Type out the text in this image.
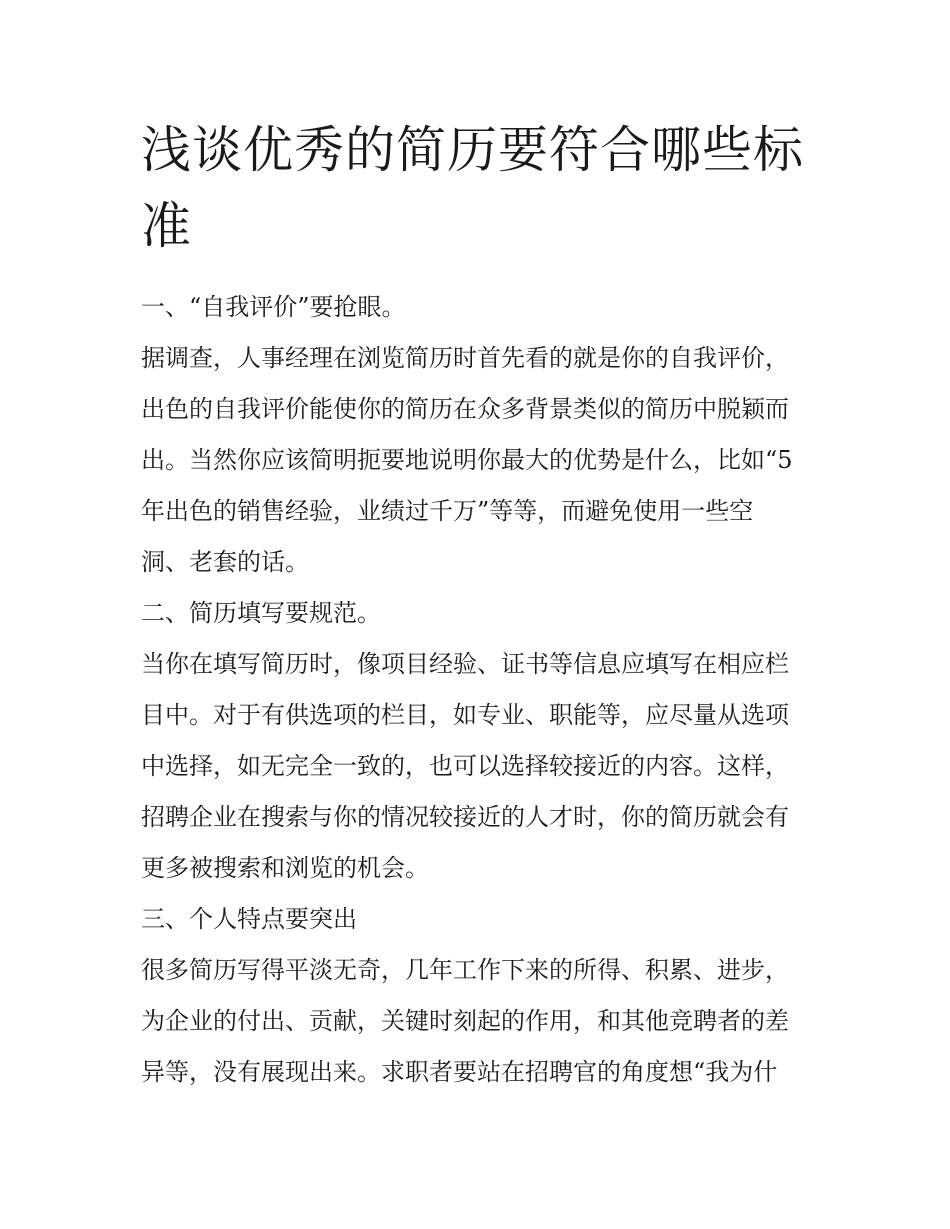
浅谈优秀的简历要符合哪些标
准

一、“自我评价”要抢眼。

据调查，人事经理在浏览简历时首先看的就是你的自我评价，
出色的自我评价能使你的简历在众多背景类似的简历中脱颖而
出。当然你应该简明扼要地说明你最大的优势是什么，比如“5
年出色的销售经验，业绩过千万”等等，而避免使用一些空
洞、老套的话。

二、简历填写要规范。

当你在填写简历时，像项目经验、证书等信息应填写在相应栏
目中。对于有供选项的栏目，如专业、职能等，应尽量从选项
中选择，如无完全一致的，也可以选择较接近的内容。这样，
招聘企业在搜索与你的情况较接近的人才时，你的简历就会有
更多被搜索和浏览的机会。

三、个人特点要突出

很多简历写得平淡无奇，几年工作下来的所得、积累、进步，
为企业的付出、贡献，关键时刻起的作用，和其他竞聘者的差
异等，没有展现出来。求职者要站在招聘官的角度想“我为什
